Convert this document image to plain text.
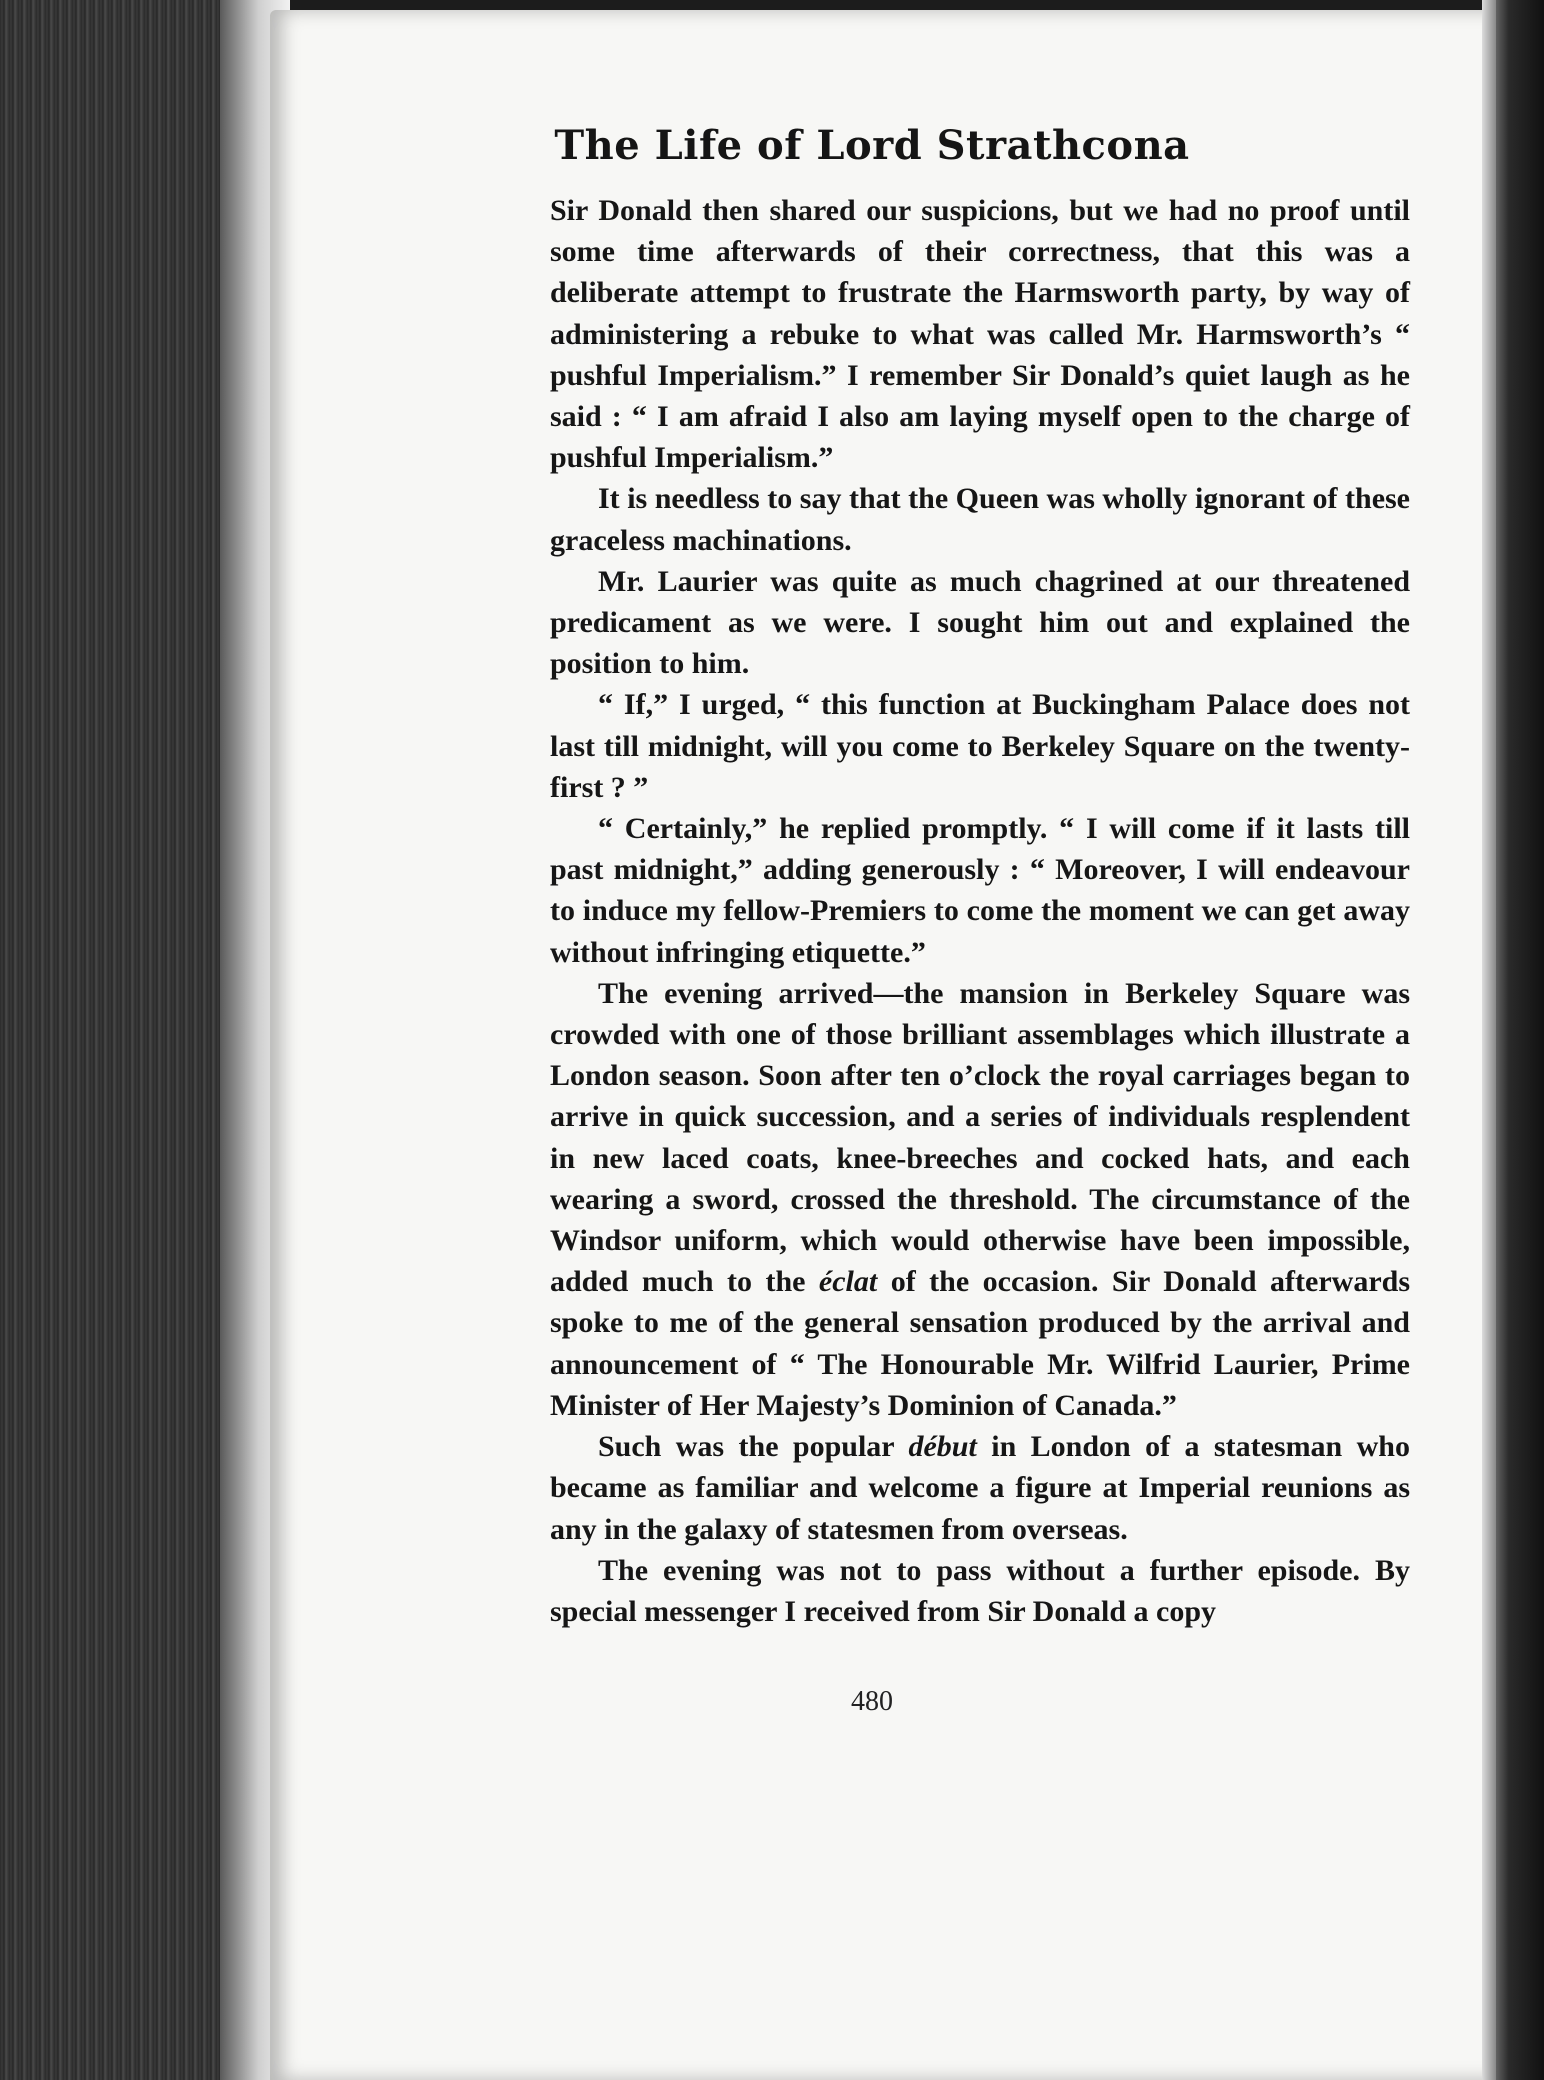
The Life of Lord Strathcona

Sir Donald then shared our suspicions, but we had no proof until some time afterwards of their correctness, that this was a deliberate attempt to frustrate the Harmsworth party, by way of administering a rebuke to what was called Mr. Harmsworth’s “ pushful Imperialism.” I remember Sir Donald’s quiet laugh as he said : “ I am afraid I also am laying myself open to the charge of pushful Imperialism.”

It is needless to say that the Queen was wholly ignorant of these graceless machinations.

Mr. Laurier was quite as much chagrined at our threatened predicament as we were. I sought him out and explained the position to him.

“ If,” I urged, “ this function at Buckingham Palace does not last till midnight, will you come to Berkeley Square on the twenty-first ? ”

“ Certainly,” he replied promptly. “ I will come if it lasts till past midnight,” adding generously : “ Moreover, I will endeavour to induce my fellow-Premiers to come the moment we can get away without infringing etiquette.”

The evening arrived—the mansion in Berkeley Square was crowded with one of those brilliant assemblages which illustrate a London season. Soon after ten o’clock the royal carriages began to arrive in quick succession, and a series of individuals resplendent in new laced coats, knee-breeches and cocked hats, and each wearing a sword, crossed the threshold. The circumstance of the Windsor uniform, which would otherwise have been impossible, added much to the éclat of the occasion. Sir Donald afterwards spoke to me of the general sensation produced by the arrival and announcement of “ The Honourable Mr. Wilfrid Laurier, Prime Minister of Her Majesty’s Dominion of Canada.”

Such was the popular début in London of a statesman who became as familiar and welcome a figure at Imperial reunions as any in the galaxy of statesmen from overseas.

The evening was not to pass without a further episode. By special messenger I received from Sir Donald a copy

480
